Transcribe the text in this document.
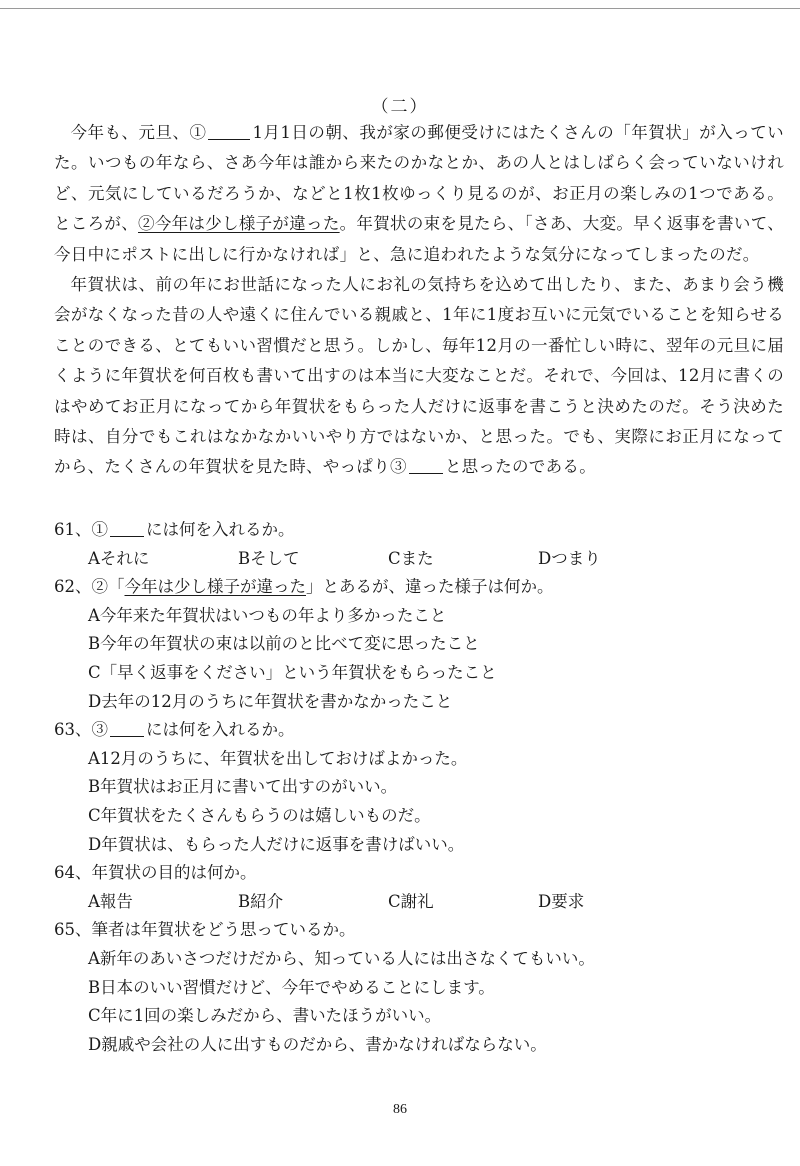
（二）

今年も、元旦、①	1月1日の朝、我が家の郵便受けにはたくさんの「年賀状」が入っていた。いつもの年なら、さあ今年は誰から来たのかなとか、あの人とはしばらく会っていないけれど、元気にしているだろうか、などと1枚1枚ゆっくり見るのが、お正月の楽しみの1つである。ところが、②今年は少し様子が違った。年賀状の束を見たら、「さあ、大変。早く返事を書いて、今日中にポストに出しに行かなければ」と、急に追われたような気分になってしまったのだ。

年賀状は、前の年にお世話になった人にお礼の気持ちを込めて出したり、また、あまり会う機会がなくなった昔の人や遠くに住んでいる親戚と、1年に1度お互いに元気でいることを知らせることのできる、とてもいい習慣だと思う。しかし、毎年12月の一番忙しい時に、翌年の元旦に届くように年賀状を何百枚も書いて出すのは本当に大変なことだ。それで、今回は、12月に書くのはやめてお正月になってから年賀状をもらった人だけに返事を書こうと決めたのだ。そう決めた時は、自分でもこれはなかなかいいやり方ではないか、と思った。でも、実際にお正月になってから、たくさんの年賀状を見た時、やっぱり③ と思ったのである。

61、① には何を入れるか。

Aそれに	Bそして	Cまた	Dつまり

62、②「今年は少し様子が違った」とあるが、違った様子は何か。

A今年来た年賀状はいつもの年より多かったこと

B今年の年賀状の束は以前のと比べて変に思ったこと

C「早く返事をください」という年賀状をもらったこと

D去年の12月のうちに年賀状を書かなかったこと

63、③ には何を入れるか。

A12月のうちに、年賀状を出しておけばよかった。

B年賀状はお正月に書いて出すのがいい。

C年賀状をたくさんもらうのは嬉しいものだ。

D年賀状は、もらった人だけに返事を書けばいい。

64、年賀状の目的は何か。

A報告	B紹介	C謝礼	D要求

65、筆者は年賀状をどう思っているか。

A新年のあいさつだけだから、知っている人には出さなくてもいい。

B日本のいい習慣だけど、今年でやめることにします。

C年に1回の楽しみだから、書いたほうがいい。

D親戚や会社の人に出すものだから、書かなければならない。

86
